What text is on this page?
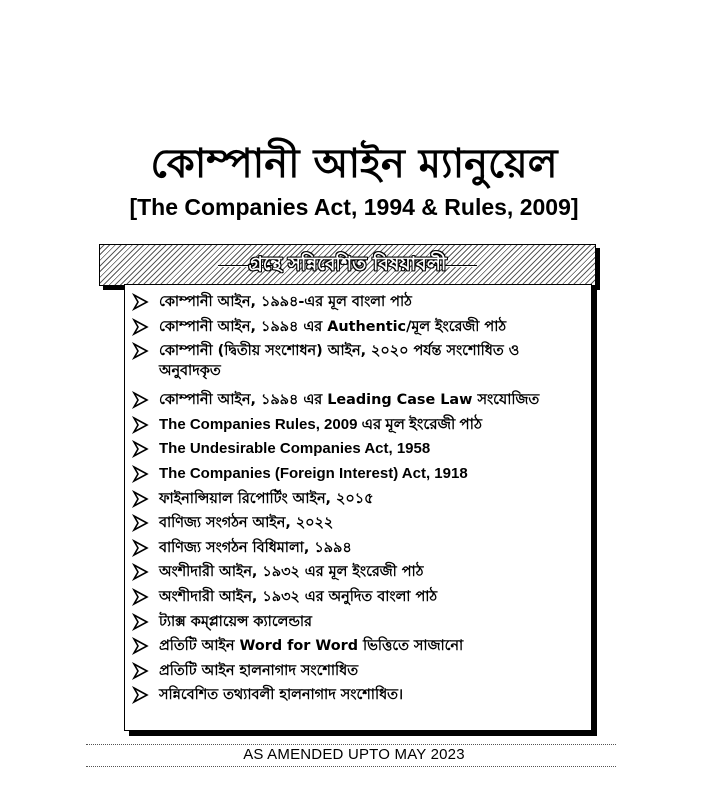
কোম্পানী আইন ম্যানুয়েল
[The Companies Act, 1994 & Rules, 2009]
গ্রন্থে সন্নিবেশিত বিষয়াবলী
কোম্পানী আইন, ১৯৯৪-এর মূল বাংলা পাঠ
কোম্পানী আইন, ১৯৯৪ এর Authentic/মূল ইংরেজী পাঠ
কোম্পানী (দ্বিতীয় সংশোধন) আইন, ২০২০ পর্যন্ত সংশোধিত ও অনুবাদকৃত
কোম্পানী আইন, ১৯৯৪ এর Leading Case Law সংযোজিত
The Companies Rules, 2009 এর মূল ইংরেজী পাঠ
The Undesirable Companies Act, 1958
The Companies (Foreign Interest) Act, 1918
ফাইনান্সিয়াল রিপোর্টিং আইন, ২০১৫
বাণিজ্য সংগঠন আইন, ২০২২
বাণিজ্য সংগঠন বিধিমালা, ১৯৯৪
অংশীদারী আইন, ১৯৩২ এর মূল ইংরেজী পাঠ
অংশীদারী আইন, ১৯৩২ এর অনুদিত বাংলা পাঠ
ট্যাক্স কম্প্লায়েন্স ক্যালেন্ডার
প্রতিটি আইন Word for Word ভিত্তিতে সাজানো
প্রতিটি আইন হালনাগাদ সংশোধিত
সন্নিবেশিত তথ্যাবলী হালনাগাদ সংশোধিত।
AS AMENDED UPTO MAY 2023
